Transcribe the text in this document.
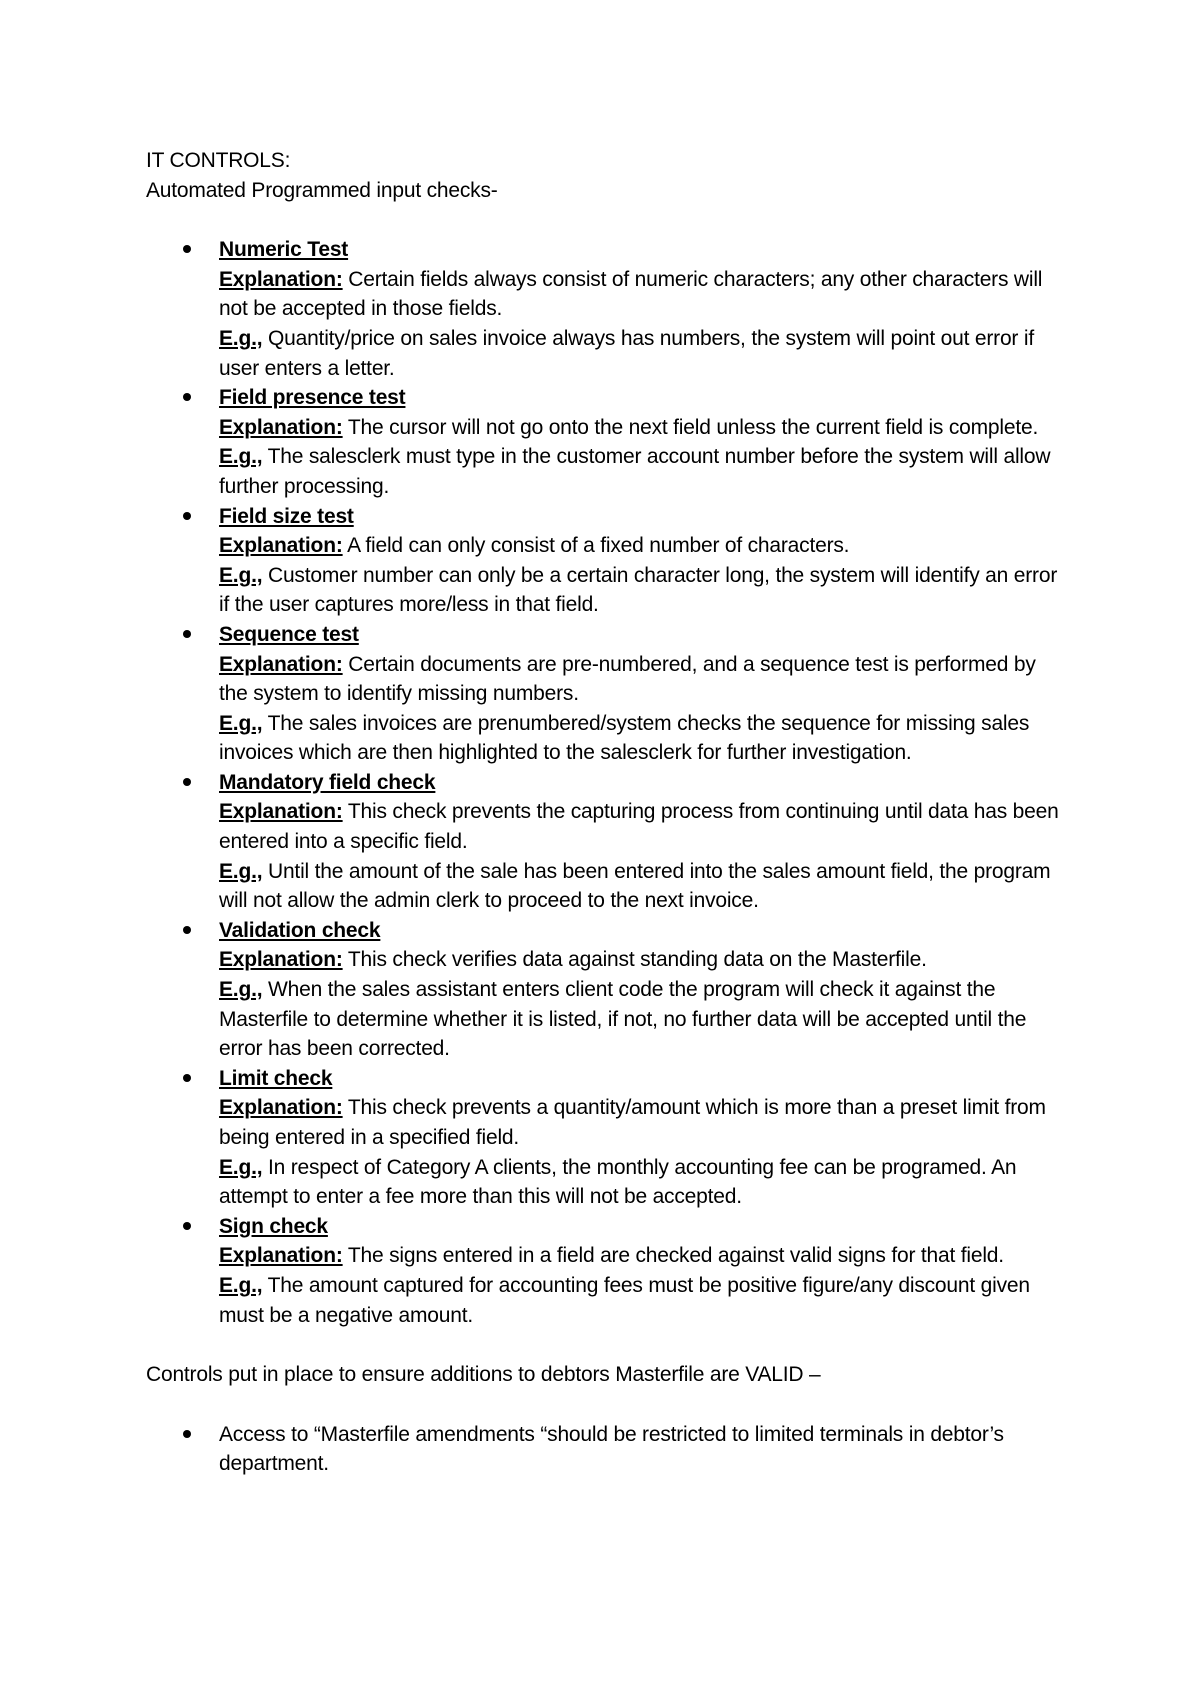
IT CONTROLS:
Automated Programmed input checks-
Numeric Test
Explanation: Certain fields always consist of numeric characters; any other characters will not be accepted in those fields.
E.g., Quantity/price on sales invoice always has numbers, the system will point out error if user enters a letter.
Field presence test
Explanation: The cursor will not go onto the next field unless the current field is complete.
E.g., The salesclerk must type in the customer account number before the system will allow further processing.
Field size test
Explanation: A field can only consist of a fixed number of characters.
E.g., Customer number can only be a certain character long, the system will identify an error if the user captures more/less in that field.
Sequence test
Explanation: Certain documents are pre-numbered, and a sequence test is performed by the system to identify missing numbers.
E.g., The sales invoices are prenumbered/system checks the sequence for missing sales invoices which are then highlighted to the salesclerk for further investigation.
Mandatory field check
Explanation: This check prevents the capturing process from continuing until data has been entered into a specific field.
E.g., Until the amount of the sale has been entered into the sales amount field, the program will not allow the admin clerk to proceed to the next invoice.
Validation check
Explanation: This check verifies data against standing data on the Masterfile.
E.g., When the sales assistant enters client code the program will check it against the Masterfile to determine whether it is listed, if not, no further data will be accepted until the error has been corrected.
Limit check
Explanation: This check prevents a quantity/amount which is more than a preset limit from being entered in a specified field.
E.g., In respect of Category A clients, the monthly accounting fee can be programed. An attempt to enter a fee more than this will not be accepted.
Sign check
Explanation: The signs entered in a field are checked against valid signs for that field.
E.g., The amount captured for accounting fees must be positive figure/any discount given must be a negative amount.
Controls put in place to ensure additions to debtors Masterfile are VALID –
Access to “Masterfile amendments “should be restricted to limited terminals in debtor’s department.
